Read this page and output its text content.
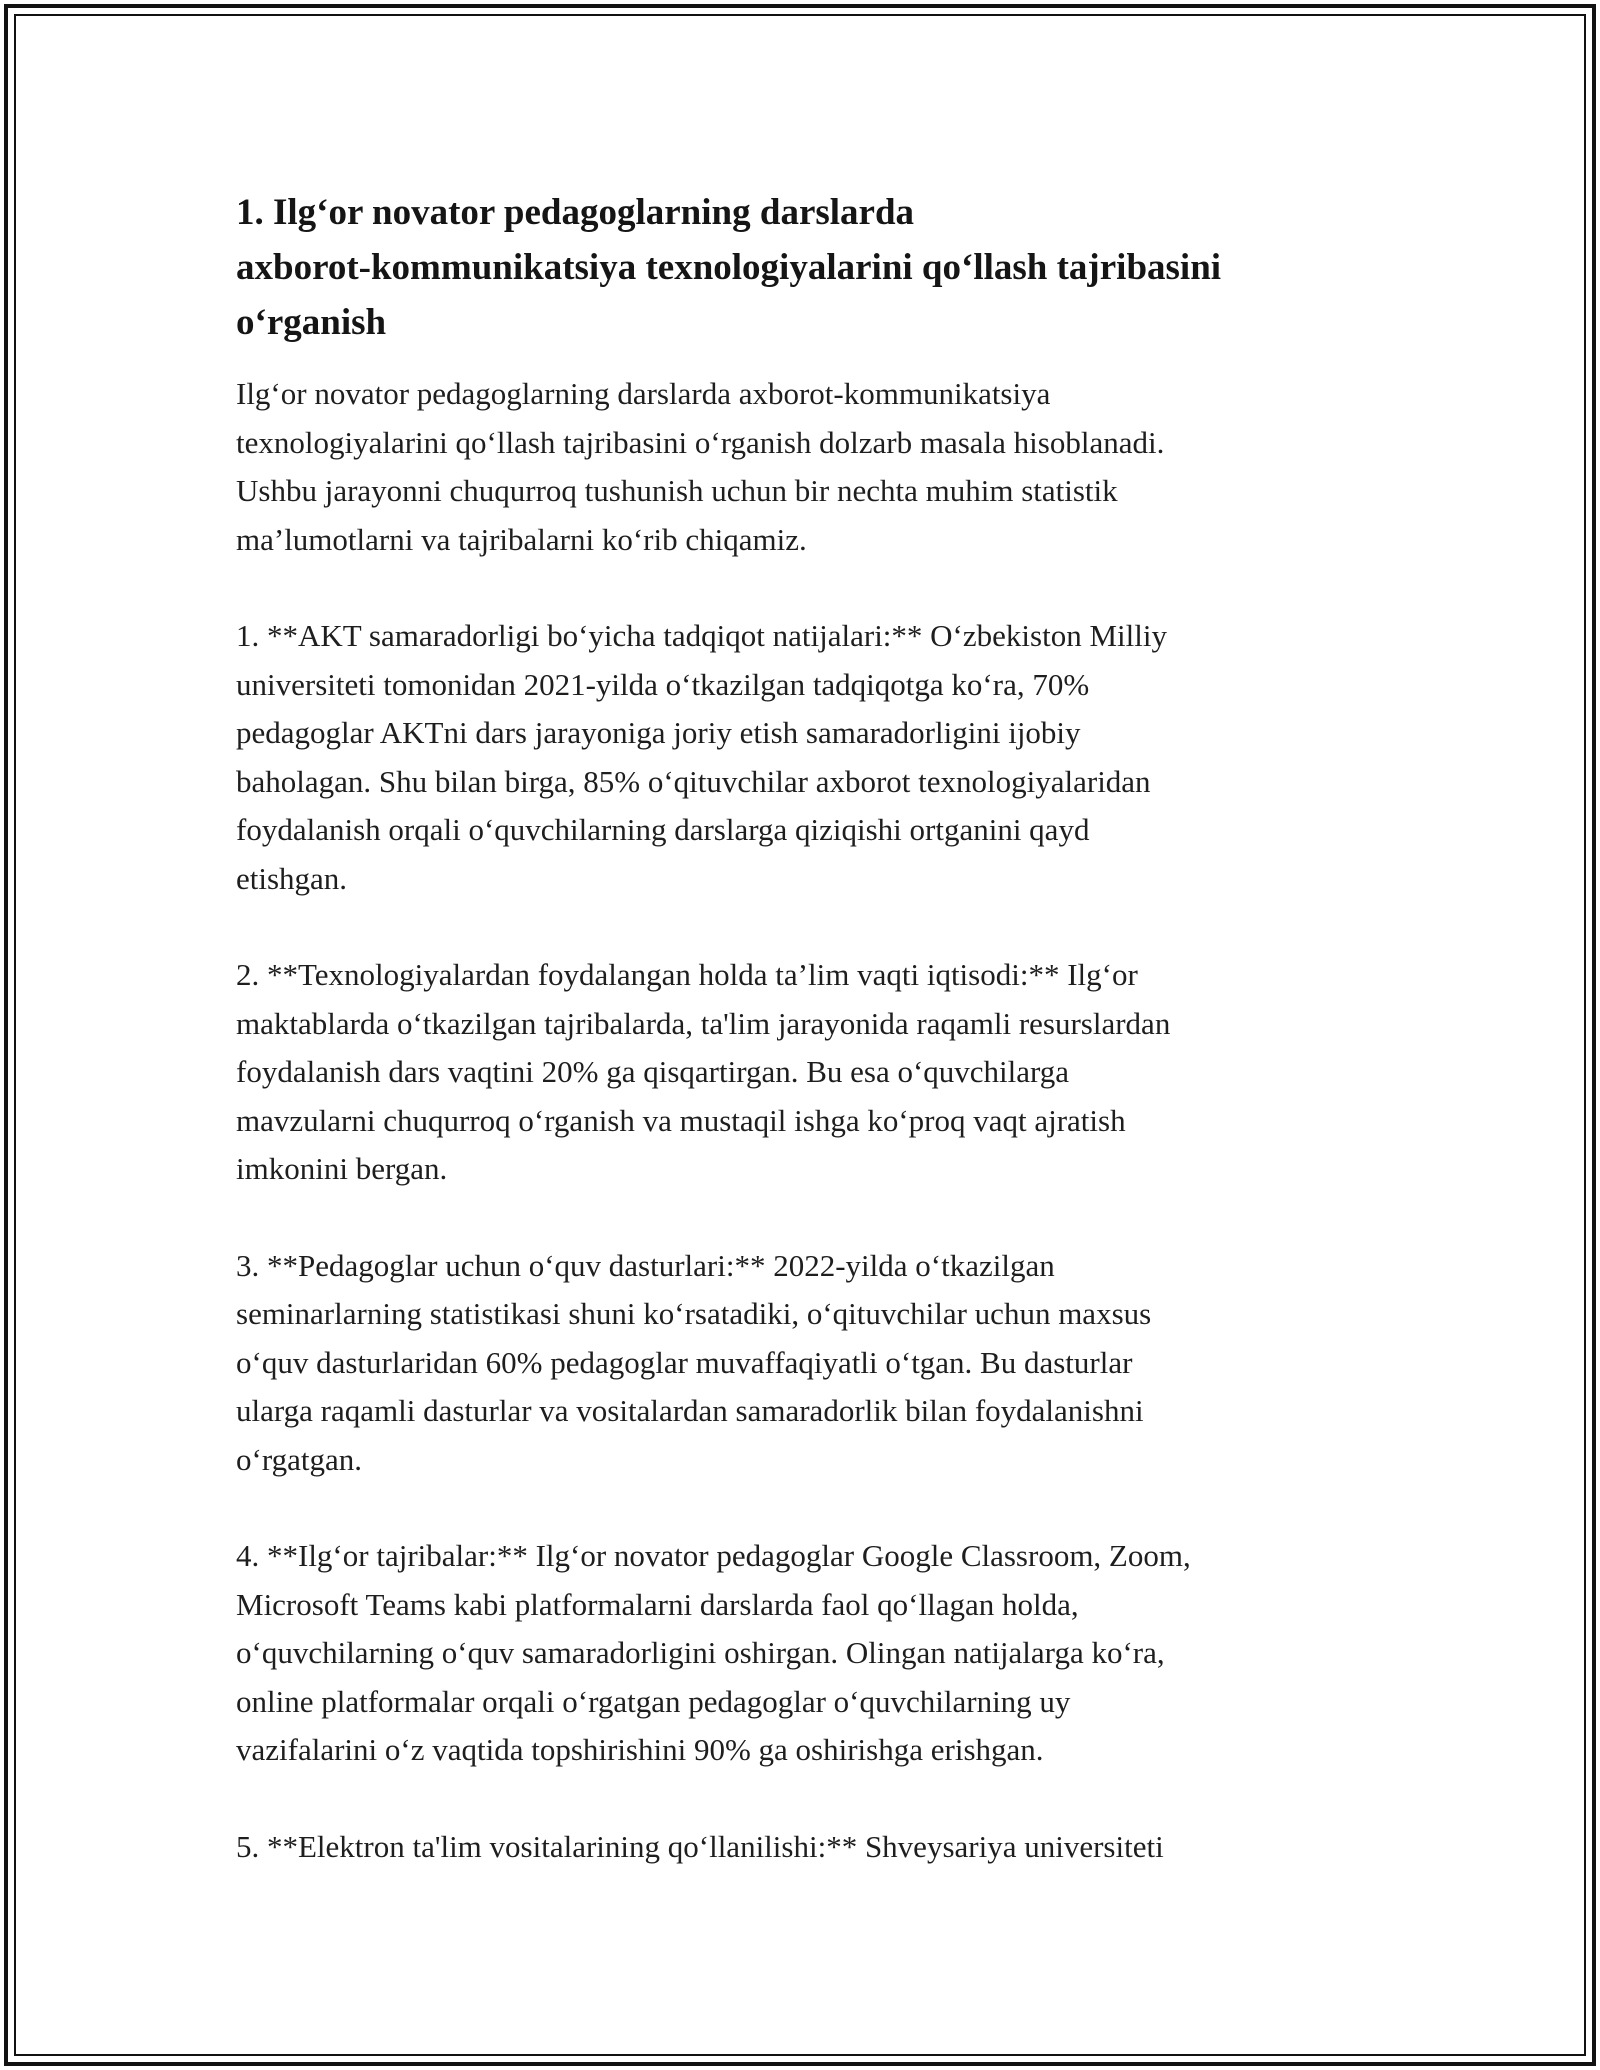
1. Ilg‘or novator pedagoglarning darslarda
axborot-kommunikatsiya texnologiyalarini qo‘llash tajribasini
o‘rganish
Ilg‘or novator pedagoglarning darslarda axborot-kommunikatsiya
texnologiyalarini qo‘llash tajribasini o‘rganish dolzarb masala hisoblanadi.
Ushbu jarayonni chuqurroq tushunish uchun bir nechta muhim statistik
ma’lumotlarni va tajribalarni ko‘rib chiqamiz.
1. **AKT samaradorligi bo‘yicha tadqiqot natijalari:** O‘zbekiston Milliy
universiteti tomonidan 2021-yilda o‘tkazilgan tadqiqotga ko‘ra, 70%
pedagoglar AKTni dars jarayoniga joriy etish samaradorligini ijobiy
baholagan. Shu bilan birga, 85% o‘qituvchilar axborot texnologiyalaridan
foydalanish orqali o‘quvchilarning darslarga qiziqishi ortganini qayd
etishgan.
2. **Texnologiyalardan foydalangan holda ta’lim vaqti iqtisodi:** Ilg‘or
maktablarda o‘tkazilgan tajribalarda, ta'lim jarayonida raqamli resurslardan
foydalanish dars vaqtini 20% ga qisqartirgan. Bu esa o‘quvchilarga
mavzularni chuqurroq o‘rganish va mustaqil ishga ko‘proq vaqt ajratish
imkonini bergan.
3. **Pedagoglar uchun o‘quv dasturlari:** 2022-yilda o‘tkazilgan
seminarlarning statistikasi shuni ko‘rsatadiki, o‘qituvchilar uchun maxsus
o‘quv dasturlaridan 60% pedagoglar muvaffaqiyatli o‘tgan. Bu dasturlar
ularga raqamli dasturlar va vositalardan samaradorlik bilan foydalanishni
o‘rgatgan.
4. **Ilg‘or tajribalar:** Ilg‘or novator pedagoglar Google Classroom, Zoom,
Microsoft Teams kabi platformalarni darslarda faol qo‘llagan holda,
o‘quvchilarning o‘quv samaradorligini oshirgan. Olingan natijalarga ko‘ra,
online platformalar orqali o‘rgatgan pedagoglar o‘quvchilarning uy
vazifalarini o‘z vaqtida topshirishini 90% ga oshirishga erishgan.
5. **Elektron ta'lim vositalarining qo‘llanilishi:** Shveysariya universiteti
